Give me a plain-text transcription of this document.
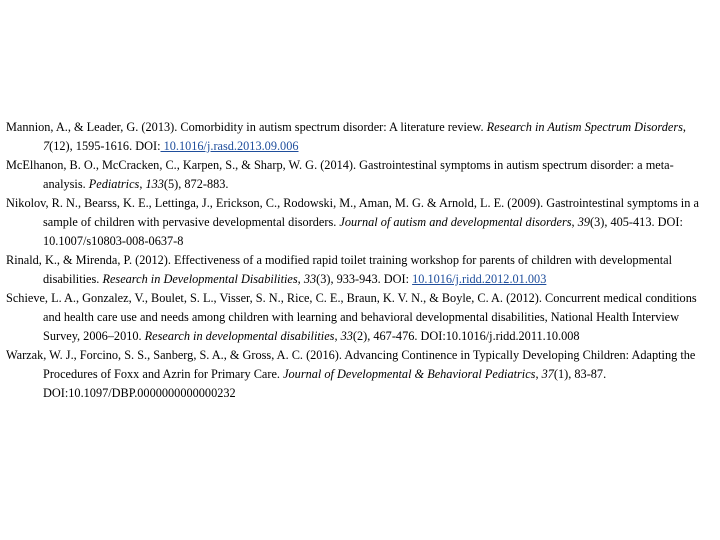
Mannion, A., & Leader, G. (2013). Comorbidity in autism spectrum disorder: A literature review. Research in Autism Spectrum Disorders, 7(12), 1595-1616. DOI: 10.1016/j.rasd.2013.09.006

McElhanon, B. O., McCracken, C., Karpen, S., & Sharp, W. G. (2014). Gastrointestinal symptoms in autism spectrum disorder: a meta-analysis. Pediatrics, 133(5), 872-883.

Nikolov, R. N., Bearss, K. E., Lettinga, J., Erickson, C., Rodowski, M., Aman, M. G. & Arnold, L. E. (2009). Gastrointestinal symptoms in a sample of children with pervasive developmental disorders. Journal of autism and developmental disorders, 39(3), 405-413. DOI: 10.1007/s10803-008-0637-8

Rinald, K., & Mirenda, P. (2012). Effectiveness of a modified rapid toilet training workshop for parents of children with developmental disabilities. Research in Developmental Disabilities, 33(3), 933-943. DOI: 10.1016/j.ridd.2012.01.003

Schieve, L. A., Gonzalez, V., Boulet, S. L., Visser, S. N., Rice, C. E., Braun, K. V. N., & Boyle, C. A. (2012). Concurrent medical conditions and health care use and needs among children with learning and behavioral developmental disabilities, National Health Interview Survey, 2006–2010. Research in developmental disabilities, 33(2), 467-476. DOI:10.1016/j.ridd.2011.10.008

Warzak, W. J., Forcino, S. S., Sanberg, S. A., & Gross, A. C. (2016). Advancing Continence in Typically Developing Children: Adapting the Procedures of Foxx and Azrin for Primary Care. Journal of Developmental & Behavioral Pediatrics, 37(1), 83-87. DOI:10.1097/DBP.0000000000000232
